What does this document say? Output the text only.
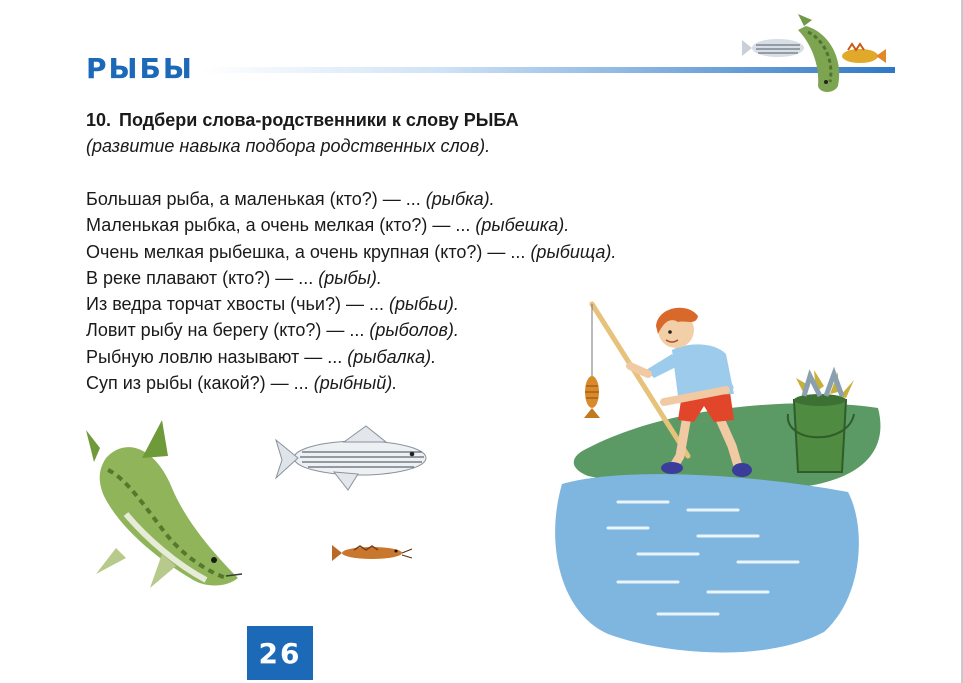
РЫБЫ
10. Подбери слова-родственники к слову РЫБА
(развитие навыка подбора родственных слов).
Большая рыба, а маленькая (кто?) — ... (рыбка).
Маленькая рыбка, а очень мелкая (кто?) — ... (рыбешка).
Очень мелкая рыбешка, а очень крупная (кто?) — ... (рыбища).
В реке плавают (кто?) — ... (рыбы).
Из ведра торчат хвосты (чьи?) — ... (рыбьи).
Ловит рыбу на берегу (кто?) — ... (рыболов).
Рыбную ловлю называют — ... (рыбалка).
Суп из рыбы (какой?) — ... (рыбный).
26
